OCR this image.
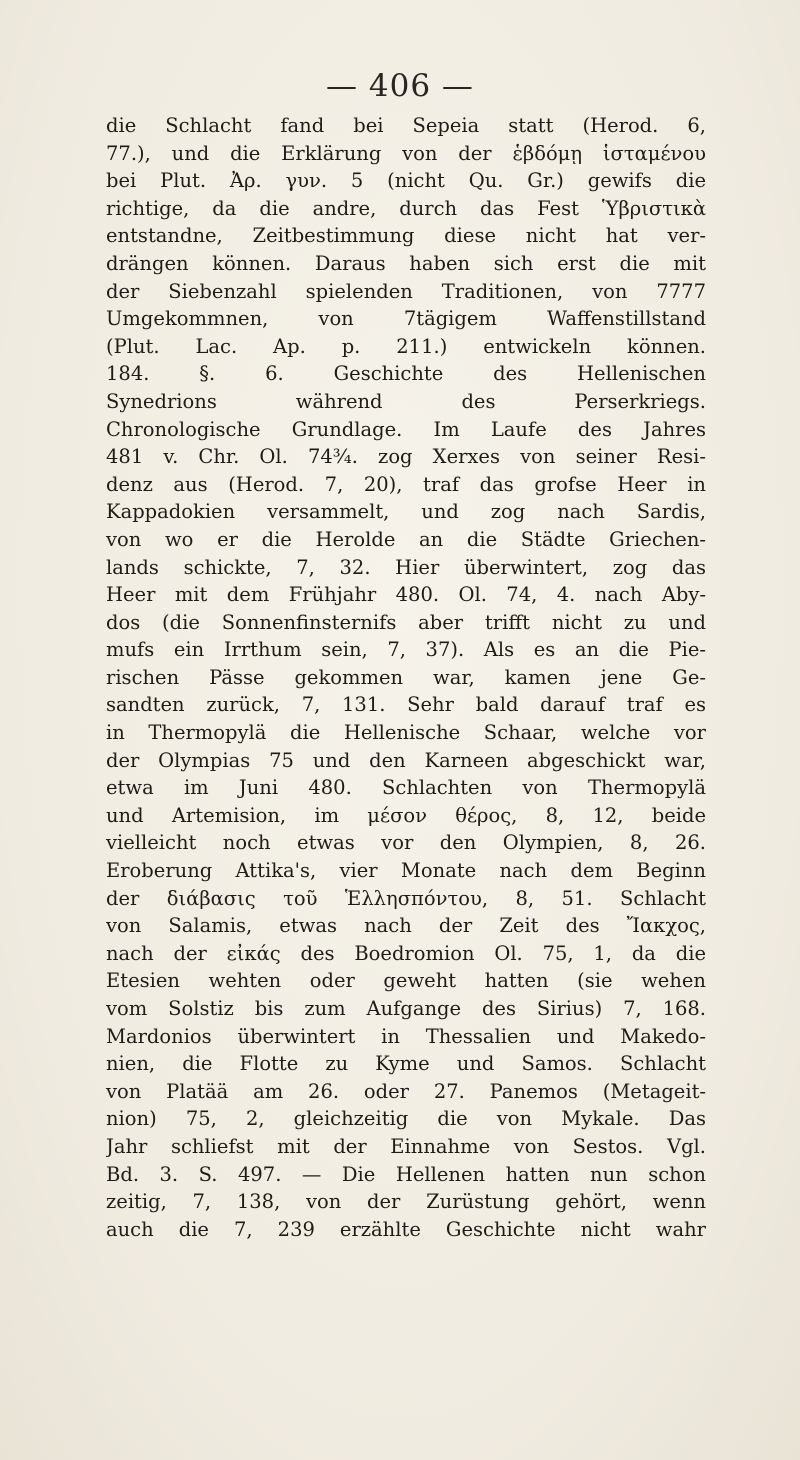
— 406 —
die Schlacht fand bei Sepeia statt (Herod. 6,
77.), und die Erklärung von der ἑβδόμῃ ἱσταμένου
bei Plut. Ἀρ. γυν. 5 (nicht Qu. Gr.) gewifs die
richtige, da die andre, durch das Fest Ὑβριστικὰ
entstandne, Zeitbestimmung diese nicht hat ver-
drängen können. Daraus haben sich erst die mit
der Siebenzahl spielenden Traditionen, von 7777
Umgekommnen, von 7tägigem Waffenstillstand
(Plut. Lac. Ap. p. 211.) entwickeln können.
184. §. 6. Geschichte des Hellenischen
Synedrions während des Perserkriegs.
Chronologische Grundlage. Im Laufe des Jahres
481 v. Chr. Ol. 74¾. zog Xerxes von seiner Resi-
denz aus (Herod. 7, 20), traf das grofse Heer in
Kappadokien versammelt, und zog nach Sardis,
von wo er die Herolde an die Städte Griechen-
lands schickte, 7, 32. Hier überwintert, zog das
Heer mit dem Frühjahr 480. Ol. 74, 4. nach Aby-
dos (die Sonnenfinsternifs aber trifft nicht zu und
mufs ein Irrthum sein, 7, 37). Als es an die Pie-
rischen Pässe gekommen war, kamen jene Ge-
sandten zurück, 7, 131. Sehr bald darauf traf es
in Thermopylä die Hellenische Schaar, welche vor
der Olympias 75 und den Karneen abgeschickt war,
etwa im Juni 480. Schlachten von Thermopylä
und Artemision, im μέσον θέρος, 8, 12, beide
vielleicht noch etwas vor den Olympien, 8, 26.
Eroberung Attika's, vier Monate nach dem Beginn
der διάβασις τοῦ Ἑλλησπόντου, 8, 51. Schlacht
von Salamis, etwas nach der Zeit des Ἴακχος,
nach der εἰκάς des Boedromion Ol. 75, 1, da die
Etesien wehten oder geweht hatten (sie wehen
vom Solstiz bis zum Aufgange des Sirius) 7, 168.
Mardonios überwintert in Thessalien und Makedo-
nien, die Flotte zu Kyme und Samos. Schlacht
von Platää am 26. oder 27. Panemos (Metageit-
nion) 75, 2, gleichzeitig die von Mykale. Das
Jahr schliefst mit der Einnahme von Sestos. Vgl.
Bd. 3. S. 497. — Die Hellenen hatten nun schon
zeitig, 7, 138, von der Zurüstung gehört, wenn
auch die 7, 239 erzählte Geschichte nicht wahr
